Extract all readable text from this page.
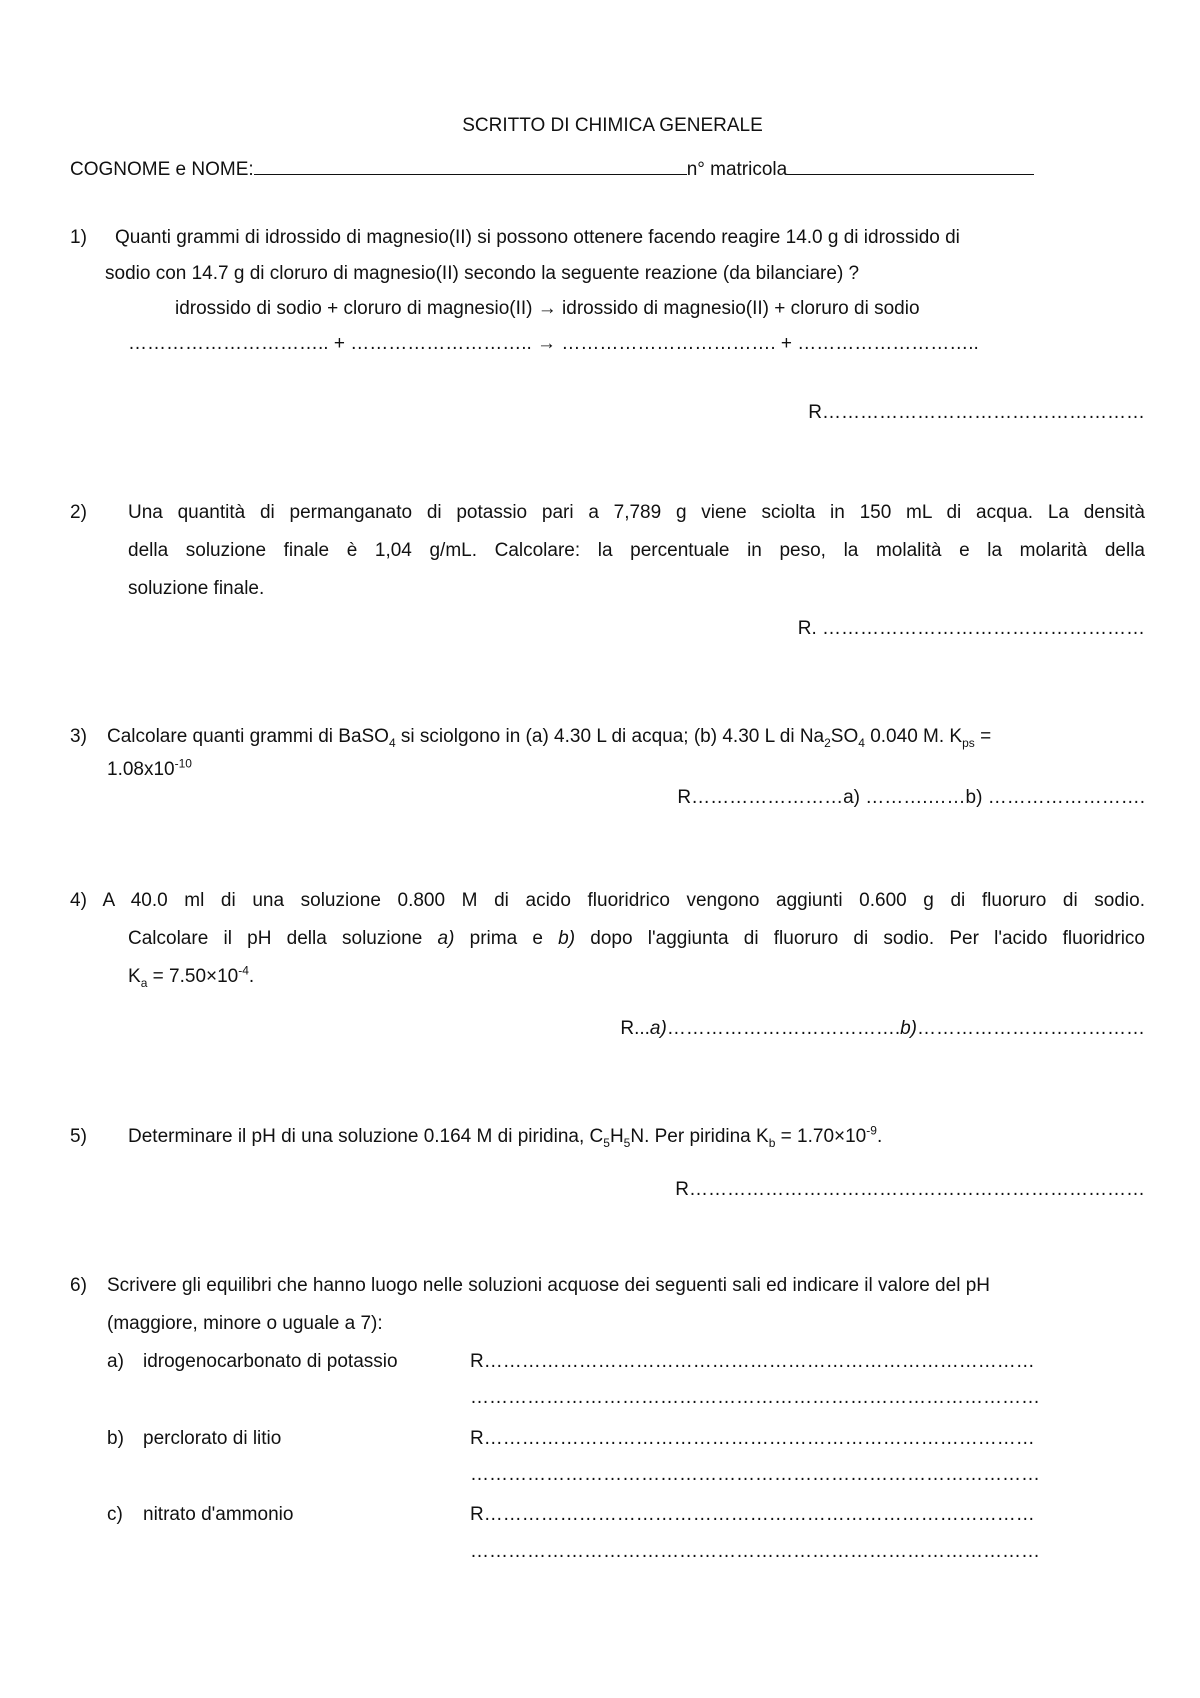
SCRITTO DI CHIMICA GENERALE
COGNOME e NOME:	n° matricola
1) Quanti grammi di idrossido di magnesio(II) si possono ottenere facendo reagire 14.0 g di idrossido di
sodio con 14.7 g di cloruro di magnesio(II) secondo la seguente reazione (da bilanciare) ?
idrossido di sodio + cloruro di magnesio(II) → idrossido di magnesio(II) + cloruro di sodio
………………………….. + ……………………….. → ……………………………. + ………………………..
R……………………………………………
2) Una quantità di permanganato di potassio pari a 7,789 g viene sciolta in 150 mL di acqua. La densità
della soluzione finale è 1,04 g/mL. Calcolare: la percentuale in peso, la molalità e la molarità della
soluzione finale.
R. ……………………………………………
3) Calcolare quanti grammi di BaSO$_4$ si sciolgono in (a) 4.30 L di acqua; (b) 4.30 L di $Na_2SO_4$ 0.040 M. $K_{ps}$ =
$1.08x10^{-10}$
R……………………a) ……….……b) …………………….
4) A 40.0 ml di una soluzione 0.800 M di acido fluoridrico vengono aggiunti 0.600 g di fluoruro di sodio.
Calcolare il pH della soluzione a) prima e b) dopo l'aggiunta di fluoruro di sodio. Per l'acido fluoridrico
$K_a = 7.50\times 10^{-4}$.
R...a)……………………………….b)………………………………
5) Determinare il pH di una soluzione 0.164 M di piridina, $C_5H_5N$. Per piridina $K_b = 1.70\times 10^{-9}$.
R………………………………………………………………
6) Scrivere gli equilibri che hanno luogo nelle soluzioni acquose dei seguenti sali ed indicare il valore del pH
(maggiore, minore o uguale a 7):
a) idrogenocarbonato di potassio	R……………………………………………………………………………
………………………………………………………………………………
b) perclorato di litio	R……………………………………………………………………………
………………………………………………………………………………
c) nitrato d'ammonio	R……………………………………………………………………………
………………………………………………………………………………
